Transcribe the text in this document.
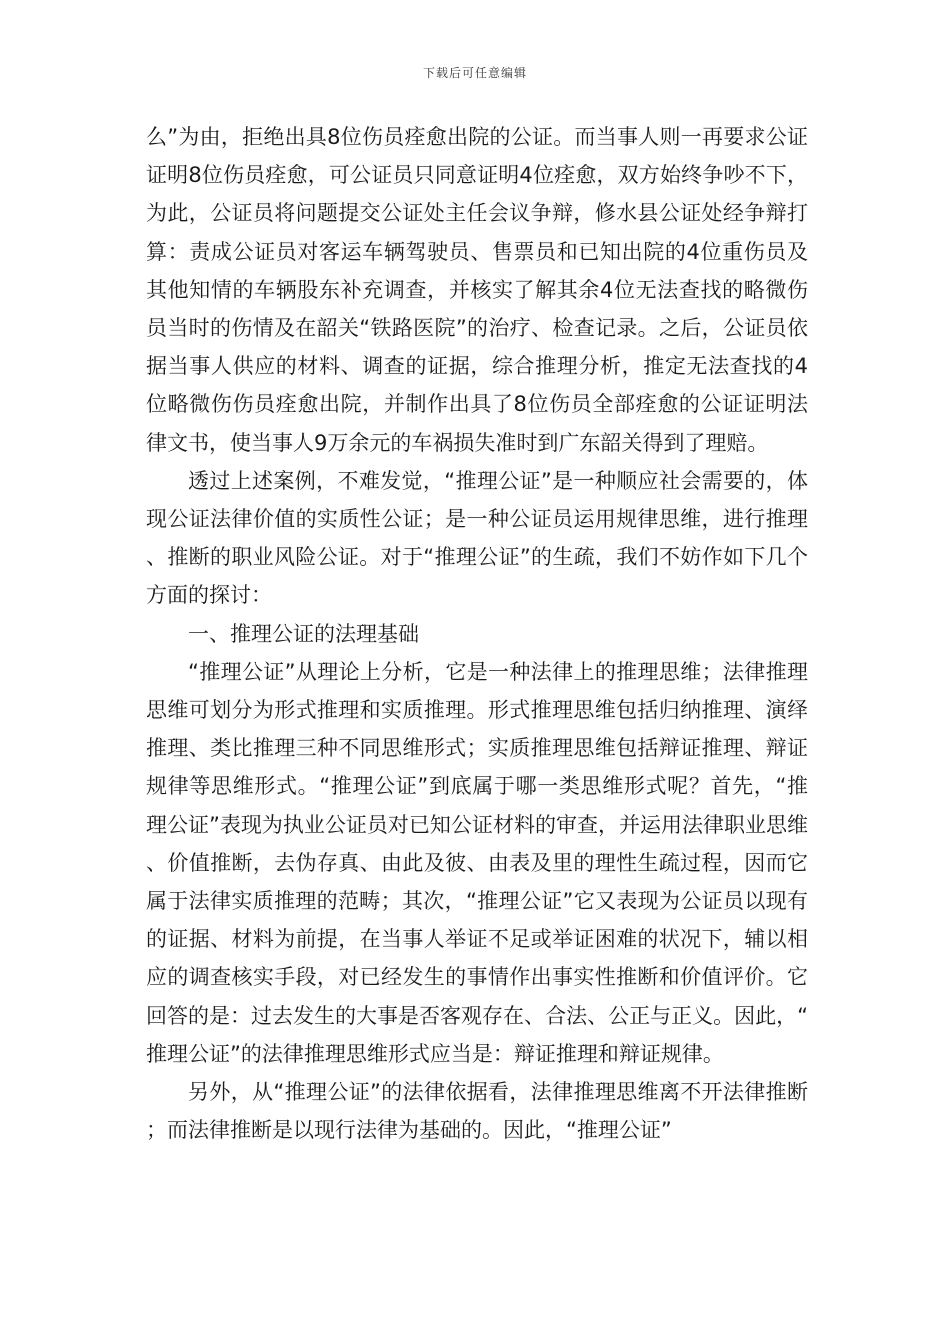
下载后可任意编辑

么”为由，拒绝出具8位伤员痊愈出院的公证。而当事人则一再要求公证证明8位伤员痊愈，可公证员只同意证明4位痊愈，双方始终争吵不下，为此，公证员将问题提交公证处主任会议争辩，修水县公证处经争辩打算：责成公证员对客运车辆驾驶员、售票员和已知出院的4位重伤员及其他知情的车辆股东补充调查，并核实了解其余4位无法查找的略微伤员当时的伤情及在韶关“铁路医院”的治疗、检查记录。之后，公证员依据当事人供应的材料、调查的证据，综合推理分析，推定无法查找的4位略微伤伤员痊愈出院，并制作出具了8位伤员全部痊愈的公证证明法律文书，使当事人9万余元的车祸损失准时到广东韶关得到了理赔。

透过上述案例，不难发觉，“推理公证”是一种顺应社会需要的，体现公证法律价值的实质性公证；是一种公证员运用规律思维，进行推理、推断的职业风险公证。对于“推理公证”的生疏，我们不妨作如下几个方面的探讨：

一、推理公证的法理基础

“推理公证”从理论上分析，它是一种法律上的推理思维；法律推理思维可划分为形式推理和实质推理。形式推理思维包括归纳推理、演绎推理、类比推理三种不同思维形式；实质推理思维包括辩证推理、辩证规律等思维形式。“推理公证”到底属于哪一类思维形式呢？首先，“推理公证”表现为执业公证员对已知公证材料的审查，并运用法律职业思维、价值推断，去伪存真、由此及彼、由表及里的理性生疏过程，因而它属于法律实质推理的范畴；其次，“推理公证”它又表现为公证员以现有的证据、材料为前提，在当事人举证不足或举证困难的状况下，辅以相应的调查核实手段，对已经发生的事情作出事实性推断和价值评价。它回答的是：过去发生的大事是否客观存在、合法、公正与正义。因此，“推理公证”的法律推理思维形式应当是：辩证推理和辩证规律。

另外，从“推理公证”的法律依据看，法律推理思维离不开法律推断；而法律推断是以现行法律为基础的。因此，“推理公证”
